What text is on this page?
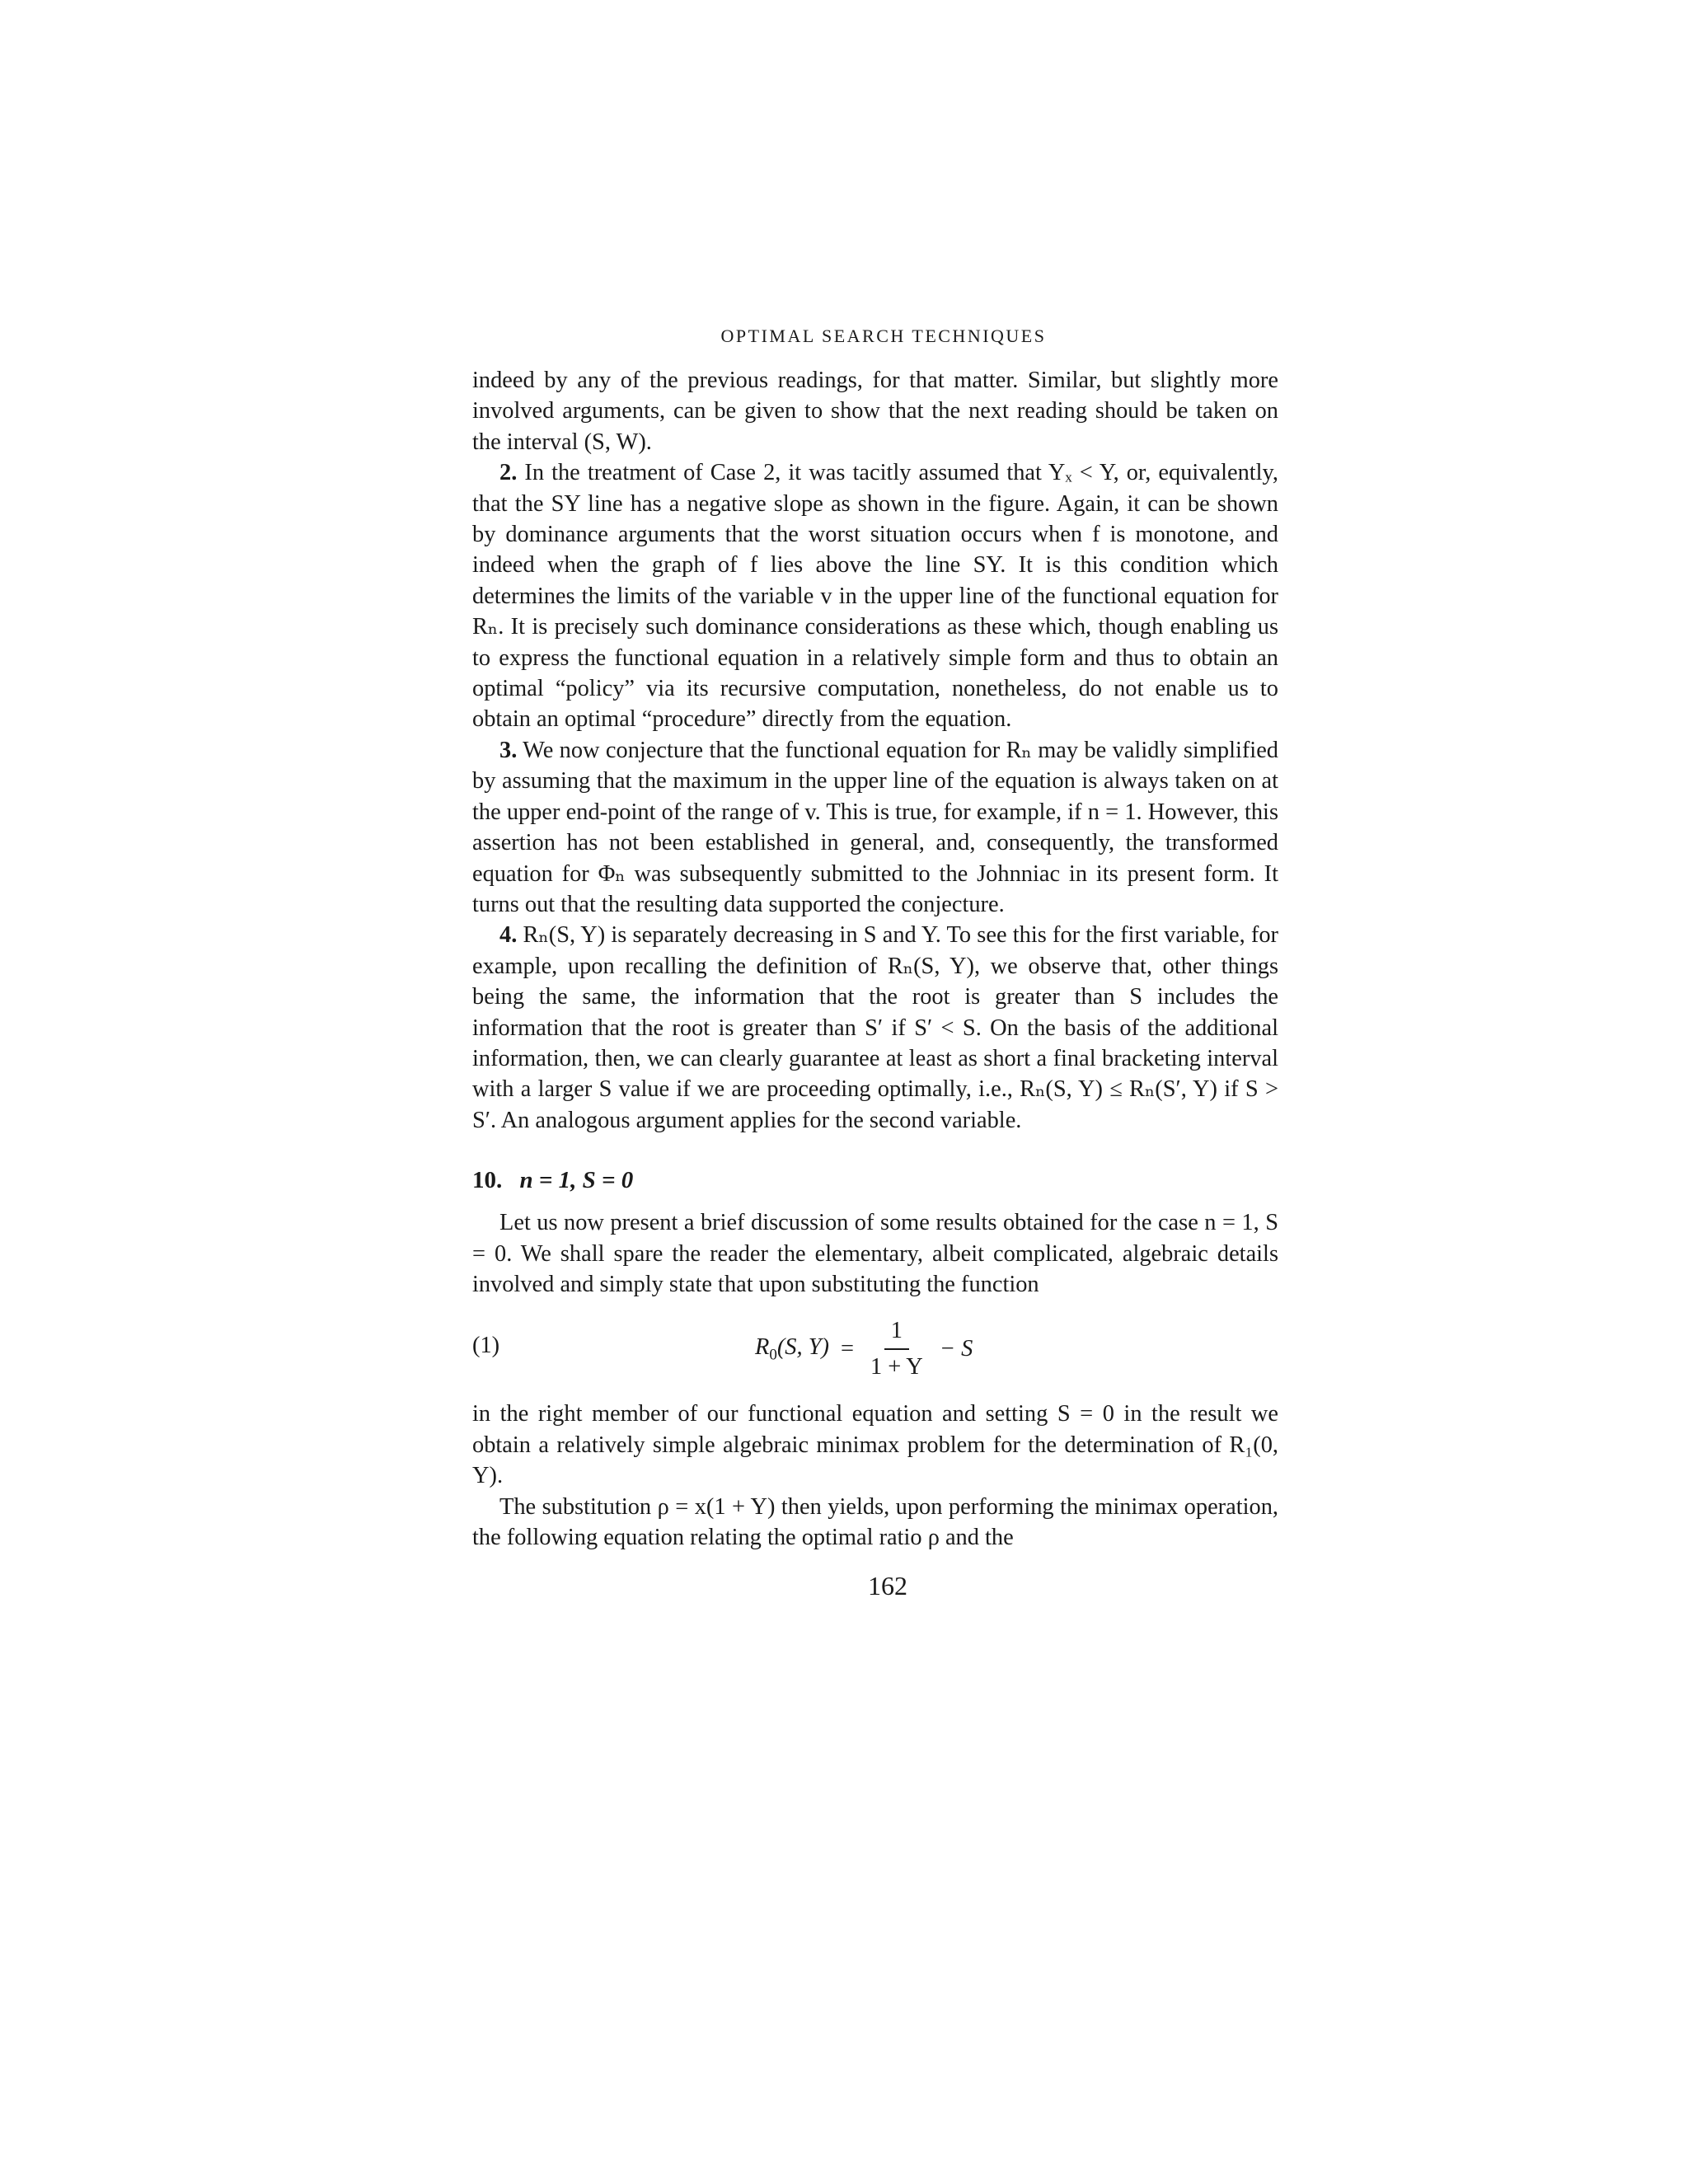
OPTIMAL SEARCH TECHNIQUES

indeed by any of the previous readings, for that matter. Similar, but slightly more involved arguments, can be given to show that the next reading should be taken on the interval (S, W).

2. In the treatment of Case 2, it was tacitly assumed that Yₓ < Y, or, equivalently, that the SY line has a negative slope as shown in the figure. Again, it can be shown by dominance arguments that the worst situation occurs when f is monotone, and indeed when the graph of f lies above the line SY. It is this condition which determines the limits of the variable v in the upper line of the functional equation for Rₙ. It is precisely such dominance considerations as these which, though enabling us to express the functional equation in a relatively simple form and thus to obtain an optimal “policy” via its recursive computation, nonetheless, do not enable us to obtain an optimal “procedure” directly from the equation.

3. We now conjecture that the functional equation for Rₙ may be validly simplified by assuming that the maximum in the upper line of the equation is always taken on at the upper end-point of the range of v. This is true, for example, if n = 1. However, this assertion has not been established in general, and, consequently, the transformed equation for Φₙ was subsequently submitted to the Johnniac in its present form. It turns out that the resulting data supported the conjecture.

4. Rₙ(S, Y) is separately decreasing in S and Y. To see this for the first variable, for example, upon recalling the definition of Rₙ(S, Y), we observe that, other things being the same, the information that the root is greater than S includes the information that the root is greater than S′ if S′ < S. On the basis of the additional information, then, we can clearly guarantee at least as short a final bracketing interval with a larger S value if we are proceeding optimally, i.e., Rₙ(S, Y) ≤ Rₙ(S′, Y) if S > S′. An analogous argument applies for the second variable.

10. n = 1, S = 0

Let us now present a brief discussion of some results obtained for the case n = 1, S = 0. We shall spare the reader the elementary, albeit complicated, algebraic details involved and simply state that upon substituting the function

(1)	$R_0(S$, $Y) = \frac{1}{1 + Y} - S$

in the right member of our functional equation and setting S = 0 in the result we obtain a relatively simple algebraic minimax problem for the determination of R₁(0, Y).

The substitution ρ = x(1 + Y) then yields, upon performing the minimax operation, the following equation relating the optimal ratio ρ and the

162
